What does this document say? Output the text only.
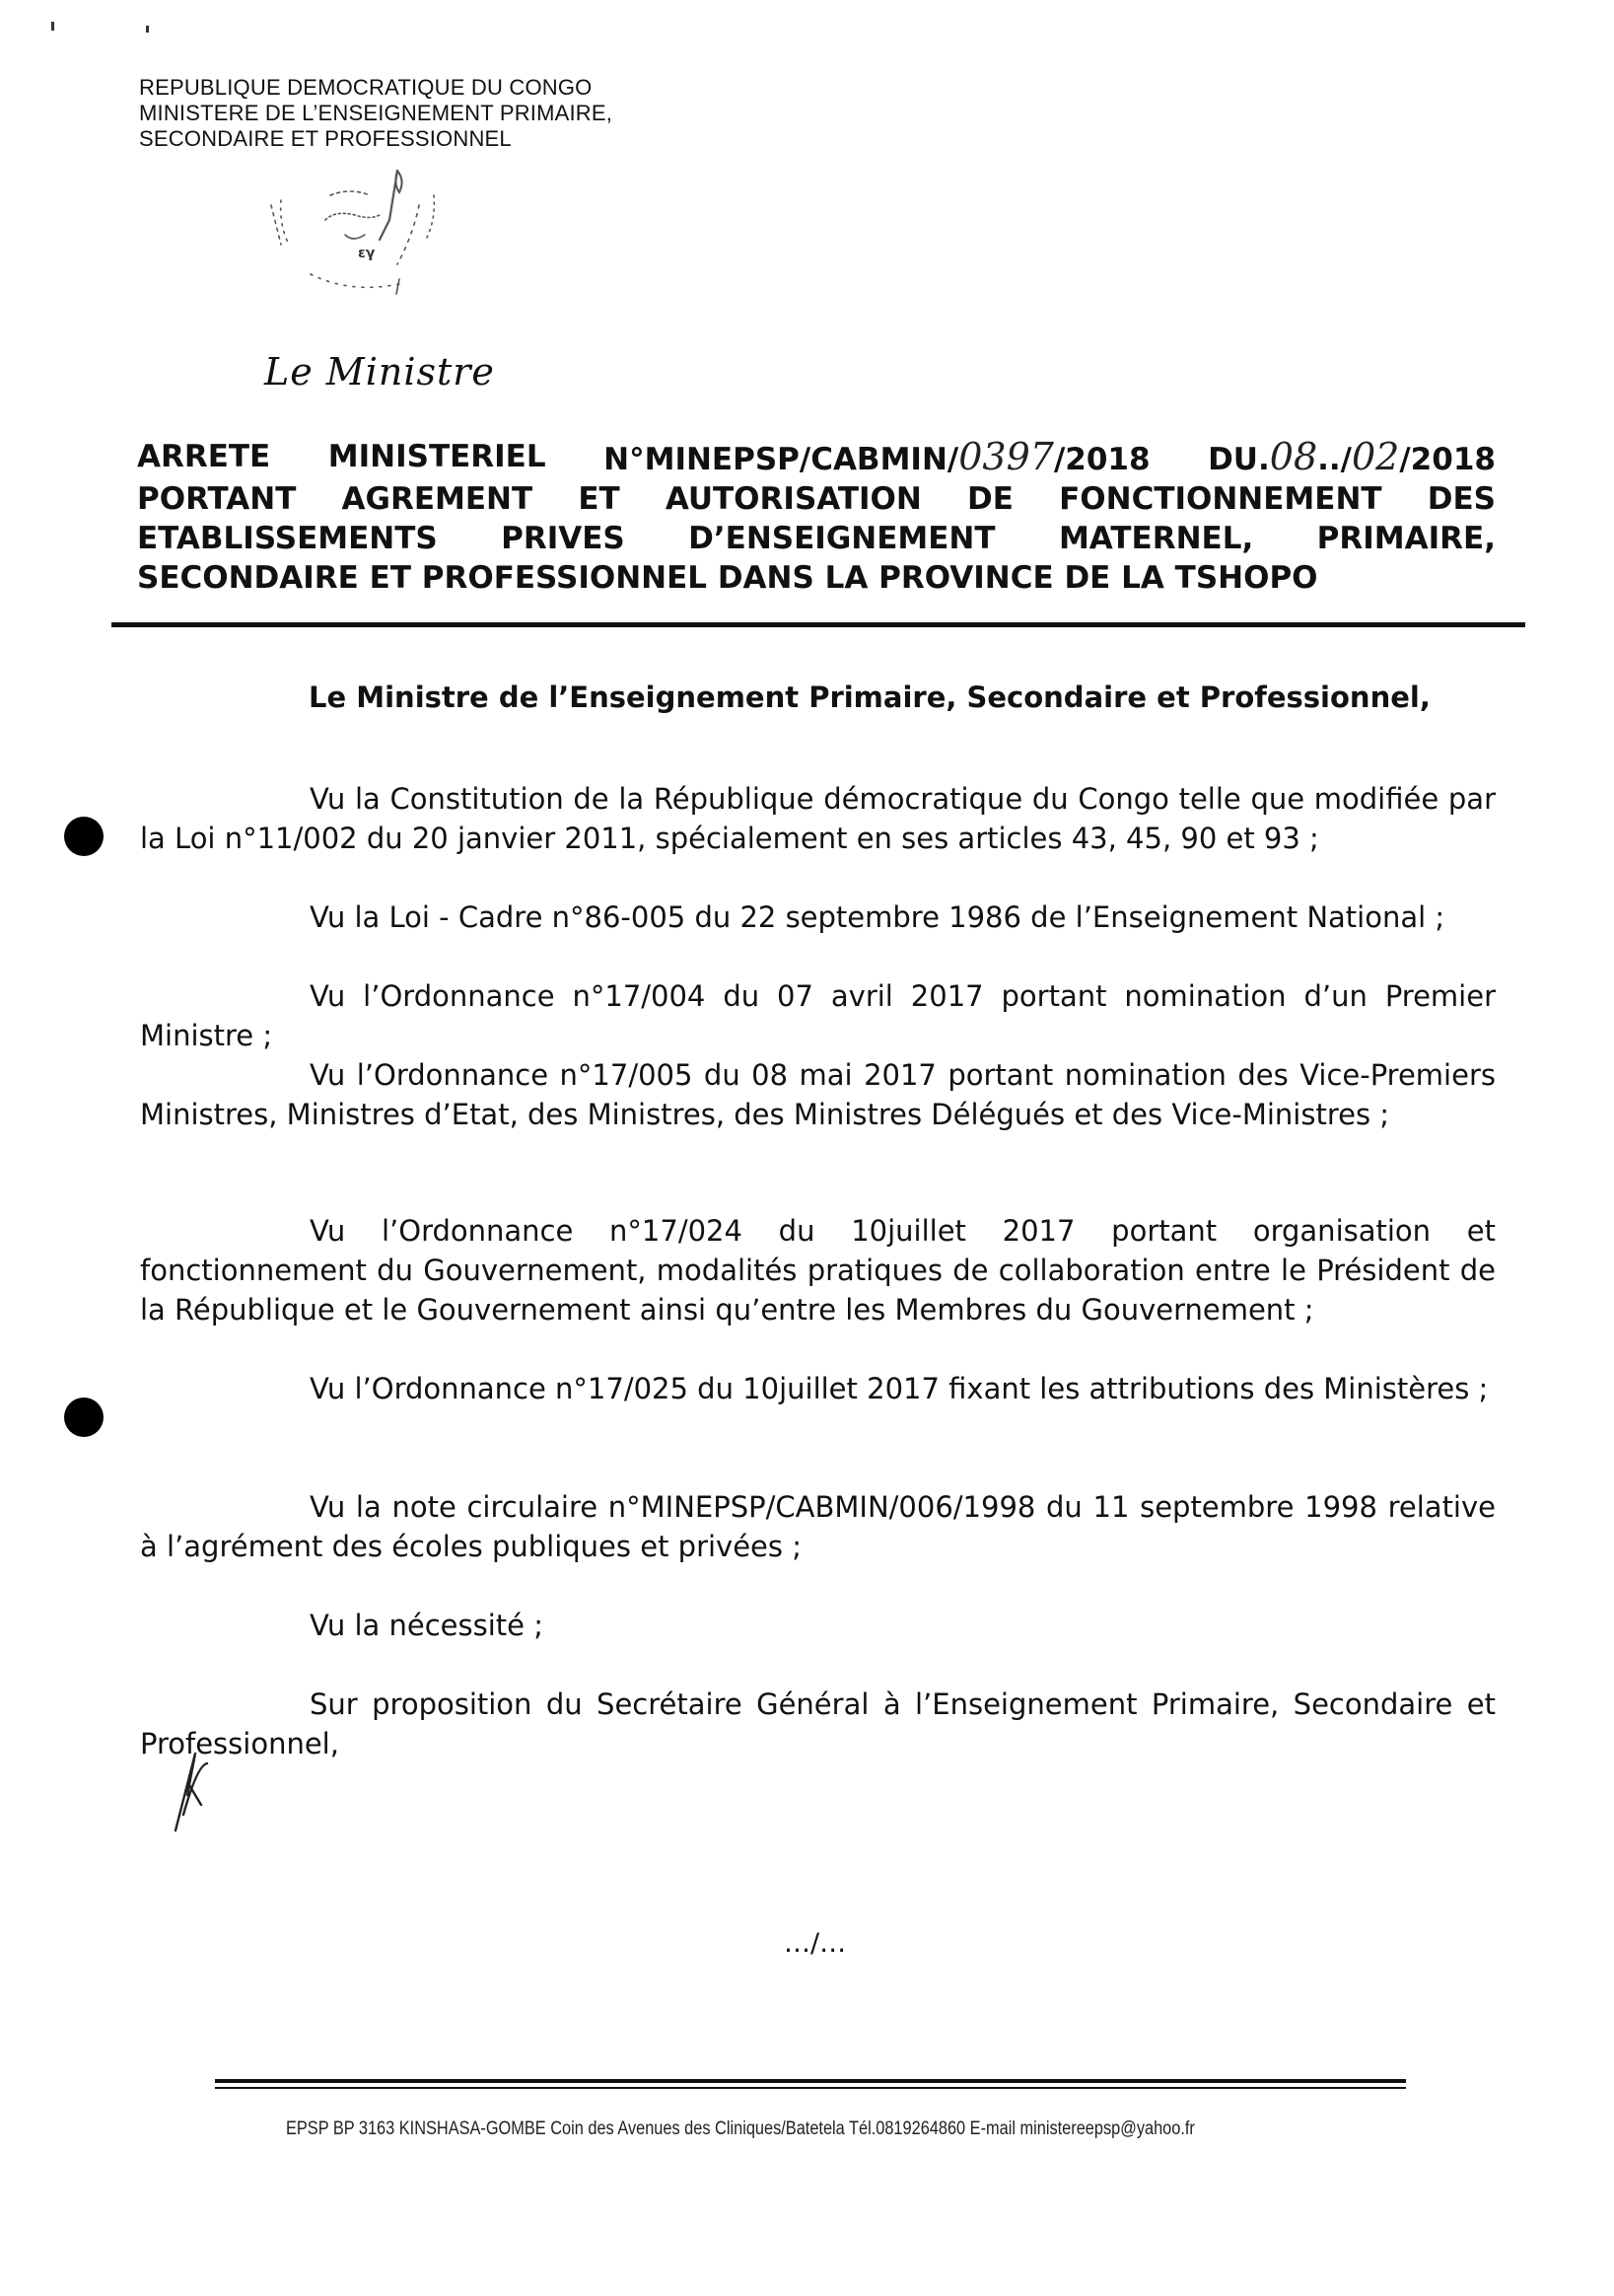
REPUBLIQUE DEMOCRATIQUE DU CONGO
MINISTERE DE L’ENSEIGNEMENT PRIMAIRE,
SECONDAIRE ET PROFESSIONNEL
εγ
Le Ministre
ARRETE MINISTERIEL N°MINEPSP/CABMIN/0397/2018 DU.08../02/2018
PORTANT AGREMENT ET AUTORISATION DE FONCTIONNEMENT DES
ETABLISSEMENTS PRIVES D’ENSEIGNEMENT MATERNEL, PRIMAIRE,
SECONDAIRE ET PROFESSIONNEL DANS LA PROVINCE DE LA TSHOPO
Le Ministre de l’Enseignement Primaire, Secondaire et Professionnel,
Vu la Constitution de la République démocratique du Congo telle que modifiée par la Loi n°11/002 du 20 janvier 2011, spécialement en ses articles 43, 45, 90 et 93 ;
Vu la Loi - Cadre n°86-005 du 22 septembre 1986 de l’Enseignement National ;
Vu l’Ordonnance n°17/004 du 07 avril 2017 portant nomination d’un Premier Ministre ;
Vu l’Ordonnance n°17/005 du 08 mai 2017 portant nomination des Vice-Premiers Ministres, Ministres d’Etat, des Ministres, des Ministres Délégués et des Vice-Ministres ;
Vu l’Ordonnance n°17/024 du 10juillet 2017 portant organisation et fonctionnement du Gouvernement, modalités pratiques de collaboration entre le Président de la République et le Gouvernement ainsi qu’entre les Membres du Gouvernement ;
Vu l’Ordonnance n°17/025 du 10juillet 2017 fixant les attributions des Ministères ;
Vu la note circulaire n°MINEPSP/CABMIN/006/1998 du 11 septembre 1998 relative à l’agrément des écoles publiques et privées ;
Vu la nécessité ;
Sur proposition du Secrétaire Général à l’Enseignement Primaire, Secondaire et Professionnel,
…/…
EPSP BP 3163 KINSHASA-GOMBE Coin des Avenues des Cliniques/Batetela Tél.0819264860 E-mail ministereepsp@yahoo.fr
